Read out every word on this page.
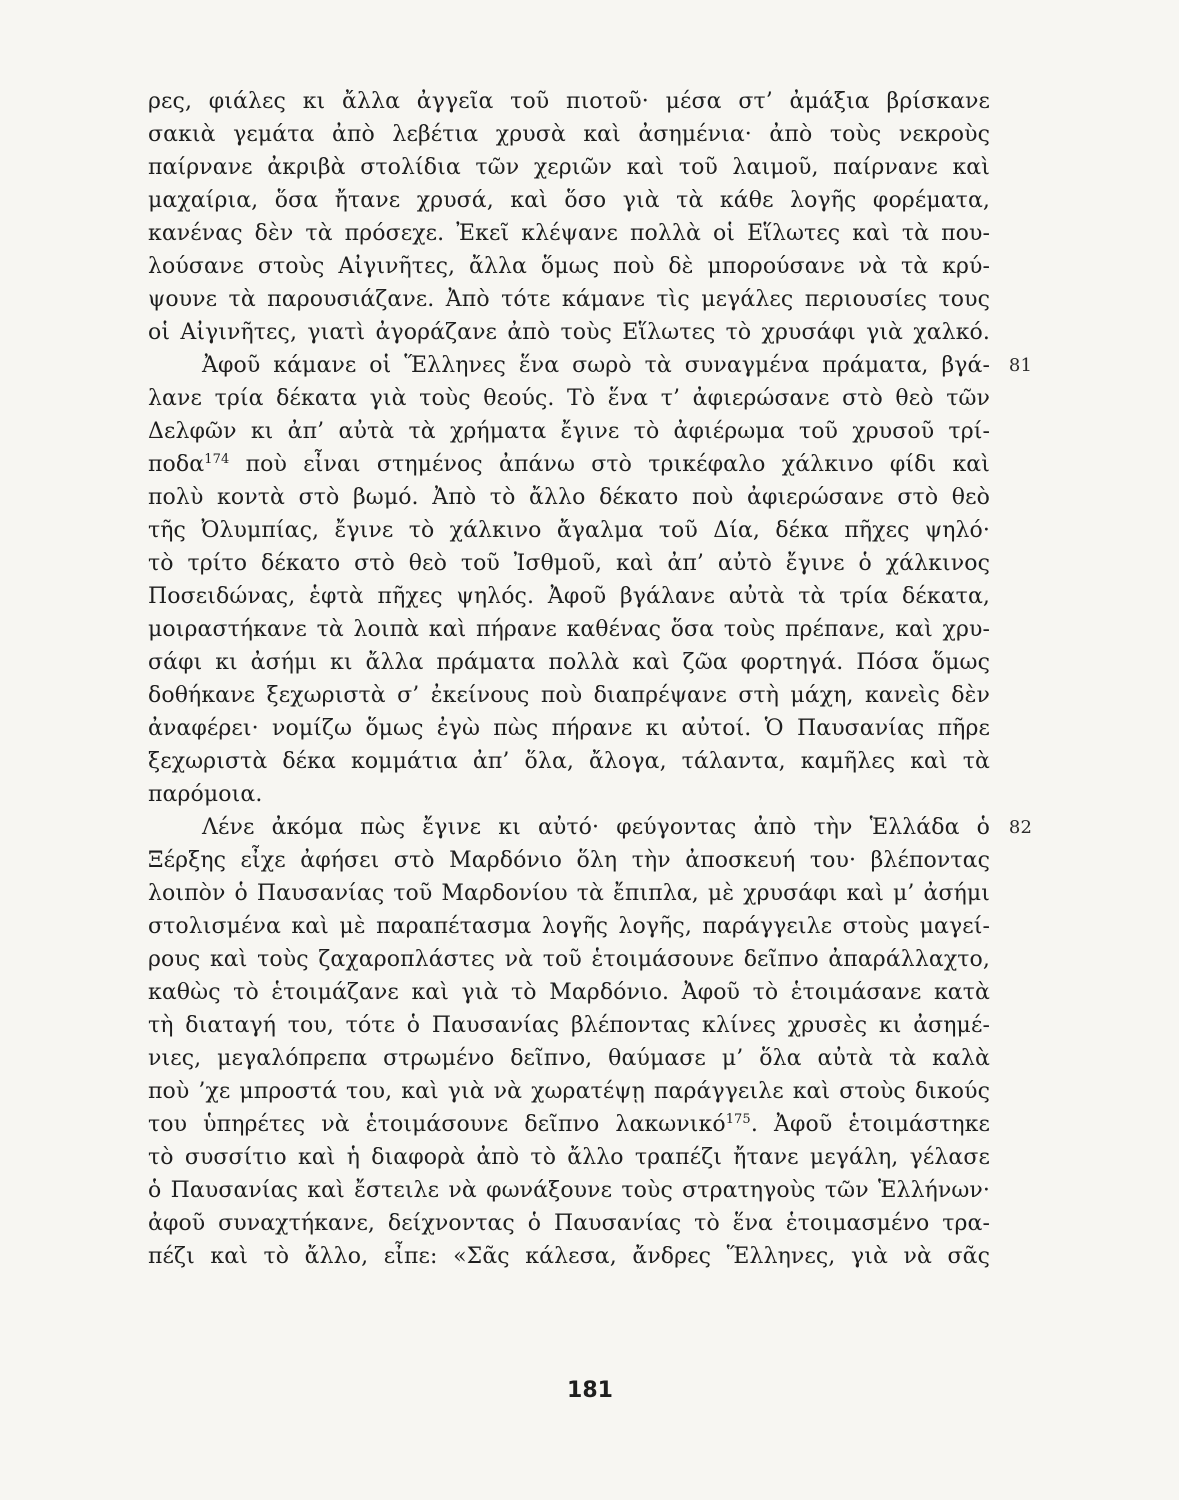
ρες, φιάλες κι ἄλλα ἀγγεῖα τοῦ πιοτοῦ· μέσα στ’ ἀμάξια βρίσκανε
σακιὰ γεμάτα ἀπὸ λεβέτια χρυσὰ καὶ ἀσημένια· ἀπὸ τοὺς νεκροὺς
παίρνανε ἀκριβὰ στολίδια τῶν χεριῶν καὶ τοῦ λαιμοῦ, παίρνανε καὶ
μαχαίρια, ὅσα ἤτανε χρυσά, καὶ ὅσο γιὰ τὰ κάθε λογῆς φορέματα,
κανένας δὲν τὰ πρόσεχε. Ἐκεῖ κλέψανε πολλὰ οἱ Εἵλωτες καὶ τὰ που-
λούσανε στοὺς Αἰγινῆτες, ἄλλα ὅμως ποὺ δὲ μπορούσανε νὰ τὰ κρύ-
ψουνε τὰ παρουσιάζανε. Ἀπὸ τότε κάμανε τὶς μεγάλες περιουσίες τους
οἱ Αἰγινῆτες, γιατὶ ἀγοράζανε ἀπὸ τοὺς Εἵλωτες τὸ χρυσάφι γιὰ χαλκό.
Ἀφοῦ κάμανε οἱ Ἕλληνες ἕνα σωρὸ τὰ συναγμένα πράματα, βγά- 81
λανε τρία δέκατα γιὰ τοὺς θεούς. Τὸ ἕνα τ’ ἀφιερώσανε στὸ θεὸ τῶν
Δελφῶν κι ἀπ’ αὐτὰ τὰ χρήματα ἔγινε τὸ ἀφιέρωμα τοῦ χρυσοῦ τρί-
ποδα$^{174}$ ποὺ εἶναι στημένος ἀπάνω στὸ τρικέφαλο χάλκινο φίδι καὶ
πολὺ κοντὰ στὸ βωμό. Ἀπὸ τὸ ἄλλο δέκατο ποὺ ἀφιερώσανε στὸ θεὸ
τῆς Ὀλυμπίας, ἔγινε τὸ χάλκινο ἄγαλμα τοῦ Δία, δέκα πῆχες ψηλό·
τὸ τρίτο δέκατο στὸ θεὸ τοῦ Ἰσθμοῦ, καὶ ἀπ’ αὐτὸ ἔγινε ὁ χάλκινος
Ποσειδώνας, ἑφτὰ πῆχες ψηλός. Ἀφοῦ βγάλανε αὐτὰ τὰ τρία δέκατα,
μοιραστήκανε τὰ λοιπὰ καὶ πήρανε καθένας ὅσα τοὺς πρέπανε, καὶ χρυ-
σάφι κι ἀσήμι κι ἄλλα πράματα πολλὰ καὶ ζῶα φορτηγά. Πόσα ὅμως
δοθήκανε ξεχωριστὰ σ’ ἐκείνους ποὺ διαπρέψανε στὴ μάχη, κανεὶς δὲν
ἀναφέρει· νομίζω ὅμως ἐγὼ πὼς πήρανε κι αὐτοί. Ὁ Παυσανίας πῆρε
ξεχωριστὰ δέκα κομμάτια ἀπ’ ὅλα, ἄλογα, τάλαντα, καμῆλες καὶ τὰ
παρόμοια.
Λένε ἀκόμα πὼς ἔγινε κι αὐτό· φεύγοντας ἀπὸ τὴν Ἑλλάδα ὁ 82
Ξέρξης εἶχε ἀφήσει στὸ Μαρδόνιο ὅλη τὴν ἀποσκευή του· βλέποντας
λοιπὸν ὁ Παυσανίας τοῦ Μαρδονίου τὰ ἔπιπλα, μὲ χρυσάφι καὶ μ’ ἀσήμι
στολισμένα καὶ μὲ παραπέτασμα λογῆς λογῆς, παράγγειλε στοὺς μαγεί-
ρους καὶ τοὺς ζαχαροπλάστες νὰ τοῦ ἑτοιμάσουνε δεῖπνο ἀπαράλλαχτο,
καθὼς τὸ ἑτοιμάζανε καὶ γιὰ τὸ Μαρδόνιο. Ἀφοῦ τὸ ἑτοιμάσανε κατὰ
τὴ διαταγή του, τότε ὁ Παυσανίας βλέποντας κλίνες χρυσὲς κι ἀσημέ-
νιες, μεγαλόπρεπα στρωμένο δεῖπνο, θαύμασε μ’ ὅλα αὐτὰ τὰ καλὰ
ποὺ ’χε μπροστά του, καὶ γιὰ νὰ χωρατέψῃ παράγγειλε καὶ στοὺς δικούς
του ὑπηρέτες νὰ ἑτοιμάσουνε δεῖπνο λακωνικό$^{175}$. Ἀφοῦ ἑτοιμάστηκε
τὸ συσσίτιο καὶ ἡ διαφορὰ ἀπὸ τὸ ἄλλο τραπέζι ἤτανε μεγάλη, γέλασε
ὁ Παυσανίας καὶ ἔστειλε νὰ φωνάξουνε τοὺς στρατηγοὺς τῶν Ἑλλήνων·
ἀφοῦ συναχτήκανε, δείχνοντας ὁ Παυσανίας τὸ ἕνα ἑτοιμασμένο τρα-
πέζι καὶ τὸ ἄλλο, εἶπε: «Σᾶς κάλεσα, ἄνδρες Ἕλληνες, γιὰ νὰ σᾶς
181
